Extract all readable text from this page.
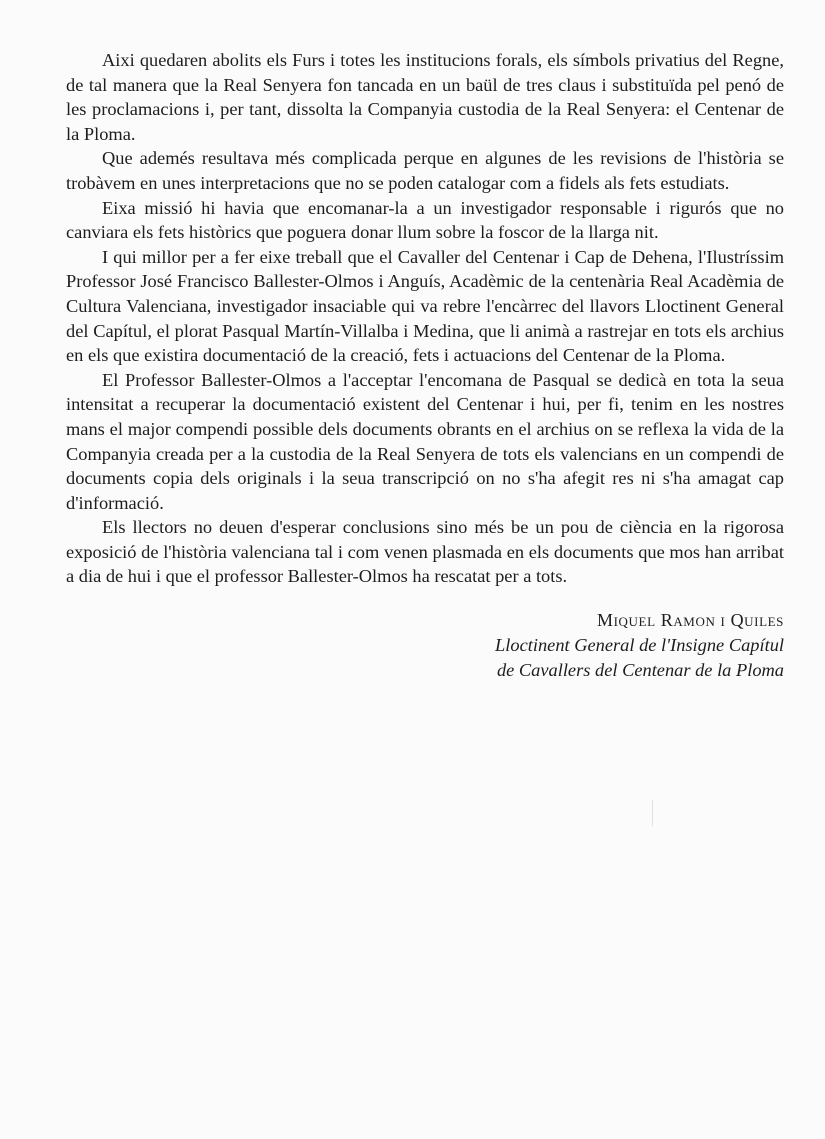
Aixi quedaren abolits els Furs i totes les institucions forals, els símbols privatius del Regne, de tal manera que la Real Senyera fon tancada en un baül de tres claus i substituïda pel penó de les proclamacions i, per tant, dissolta la Companyia custodia de la Real Senyera: el Centenar de la Ploma.

Que ademés resultava més complicada perque en algunes de les revisions de l'història se trobàvem en unes interpretacions que no se poden catalogar com a fidels als fets estudiats.

Eixa missió hi havia que encomanar-la a un investigador responsable i rigurós que no canviara els fets històrics que poguera donar llum sobre la foscor de la llarga nit.

I qui millor per a fer eixe treball que el Cavaller del Centenar i Cap de Dehena, l'Ilustríssim Professor José Francisco Ballester-Olmos i Anguís, Acadèmic de la centenària Real Acadèmia de Cultura Valenciana, investigador insaciable qui va rebre l'encàrrec del llavors Lloctinent General del Capítul, el plorat Pasqual Martín-Villalba i Medina, que li animà a rastrejar en tots els archius en els que existira documentació de la creació, fets i actuacions del Centenar de la Ploma.

El Professor Ballester-Olmos a l'acceptar l'encomana de Pasqual se dedicà en tota la seua intensitat a recuperar la documentació existent del Centenar i hui, per fi, tenim en les nostres mans el major compendi possible dels documents obrants en el archius on se reflexa la vida de la Companyia creada per a la custodia de la Real Senyera de tots els valencians en un compendi de documents copia dels originals i la seua transcripció on no s'ha afegit res ni s'ha amagat cap d'informació.

Els llectors no deuen d'esperar conclusions sino més be un pou de ciència en la rigorosa exposició de l'història valenciana tal i com venen plasmada en els documents que mos han arribat a dia de hui i que el professor Ballester-Olmos ha rescatat per a tots.

Miquel Ramon i Quiles
Lloctinent General de l'Insigne Capítul
de Cavallers del Centenar de la Ploma
